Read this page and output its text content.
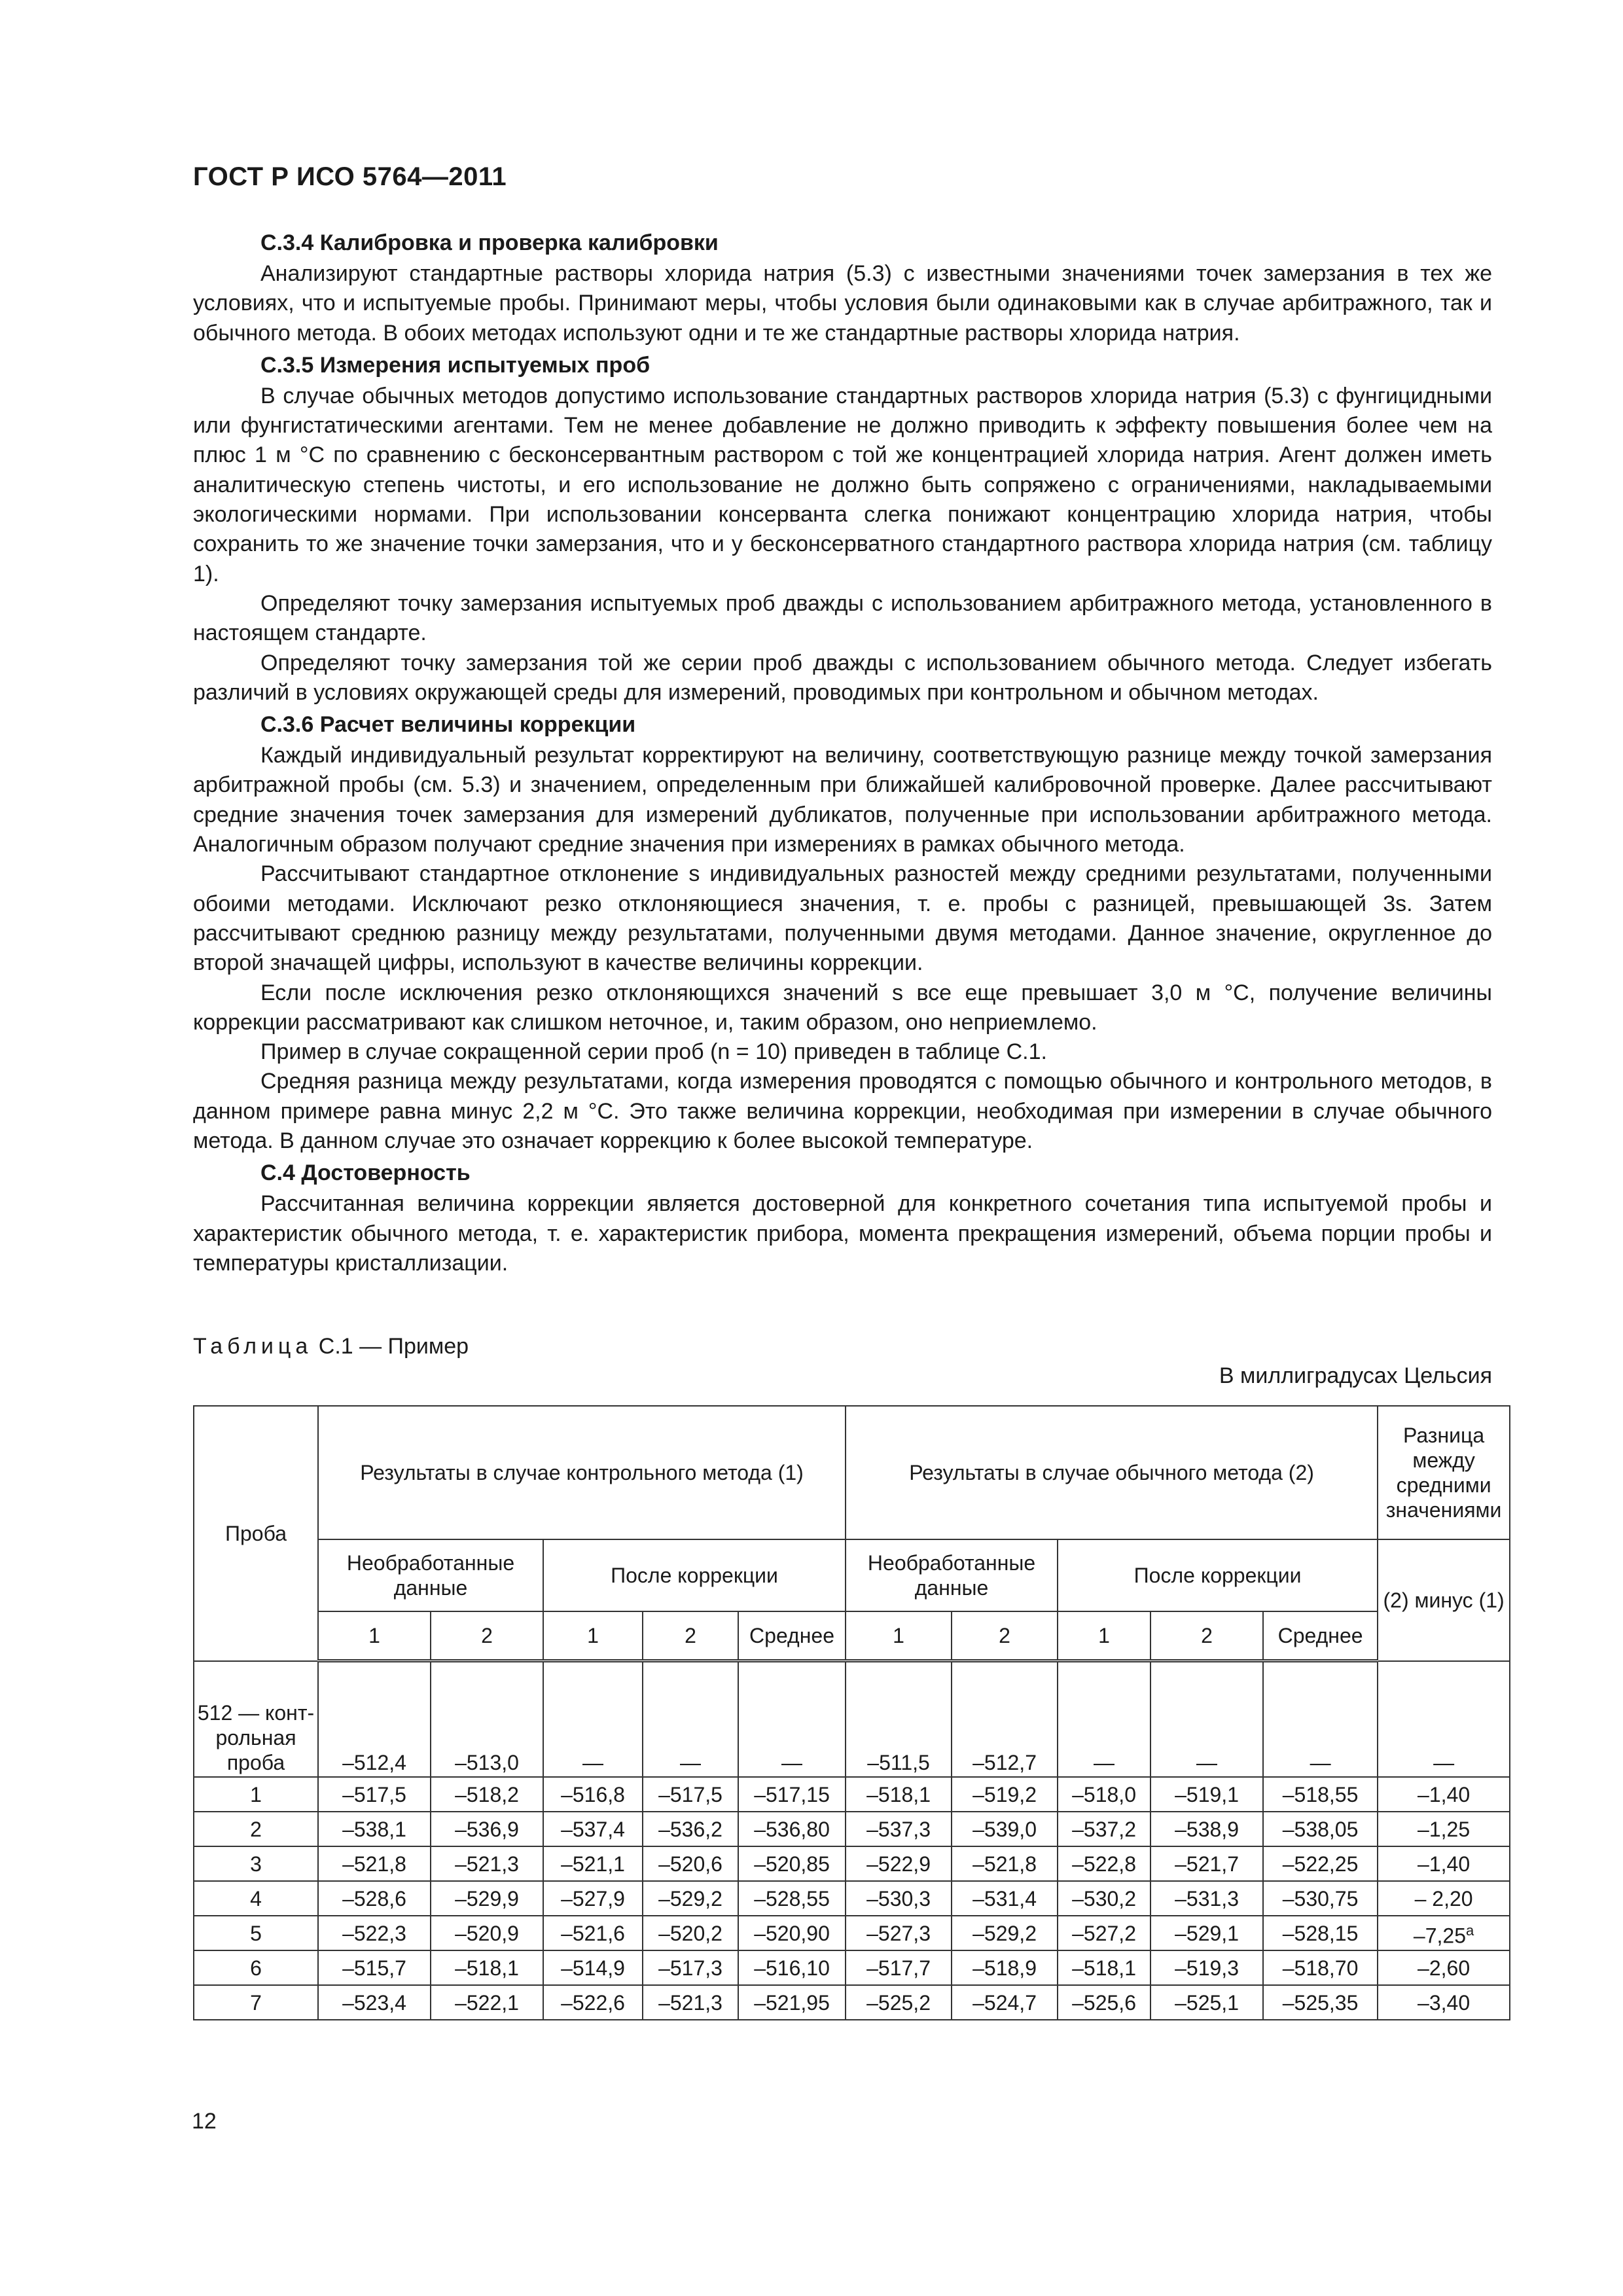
ГОСТ Р ИСО 5764—2011
С.3.4 Калибровка и проверка калибровки

Анализируют стандартные растворы хлорида натрия (5.3) с известными значениями точек замерзания в тех же условиях, что и испытуемые пробы. Принимают меры, чтобы условия были одинаковыми как в случае арбитражного, так и обычного метода. В обоих методах используют одни и те же стандартные растворы хлорида натрия.

С.3.5 Измерения испытуемых проб

В случае обычных методов допустимо использование стандартных растворов хлорида натрия (5.3) с фунгицидными или фунгистатическими агентами. Тем не менее добавление не должно приводить к эффекту повышения более чем на плюс 1 м °С по сравнению с бесконсервантным раствором с той же концентрацией хлорида натрия. Агент должен иметь аналитическую степень чистоты, и его использование не должно быть сопряжено с ограничениями, накладываемыми экологическими нормами. При использовании консерванта слегка понижают концентрацию хлорида натрия, чтобы сохранить то же значение точки замерзания, что и у бесконсерватного стандартного раствора хлорида натрия (см. таблицу 1).

Определяют точку замерзания испытуемых проб дважды с использованием арбитражного метода, установленного в настоящем стандарте.

Определяют точку замерзания той же серии проб дважды с использованием обычного метода. Следует избегать различий в условиях окружающей среды для измерений, проводимых при контрольном и обычном методах.

С.3.6 Расчет величины коррекции

Каждый индивидуальный результат корректируют на величину, соответствующую разнице между точкой замерзания арбитражной пробы (см. 5.3) и значением, определенным при ближайшей калибровочной проверке. Далее рассчитывают средние значения точек замерзания для измерений дубликатов, полученные при использовании арбитражного метода. Аналогичным образом получают средние значения при измерениях в рамках обычного метода.

Рассчитывают стандартное отклонение s индивидуальных разностей между средними результатами, полученными обоими методами. Исключают резко отклоняющиеся значения, т. е. пробы с разницей, превышающей 3s. Затем рассчитывают среднюю разницу между результатами, полученными двумя методами. Данное значение, округленное до второй значащей цифры, используют в качестве величины коррекции.

Если после исключения резко отклоняющихся значений s все еще превышает 3,0 м °С, получение величины коррекции рассматривают как слишком неточное, и, таким образом, оно неприемлемо.

Пример в случае сокращенной серии проб (n = 10) приведен в таблице С.1.

Средняя разница между результатами, когда измерения проводятся с помощью обычного и контрольного методов, в данном примере равна минус 2,2 м °С. Это также величина коррекции, необходимая при измерении в случае обычного метода. В данном случае это означает коррекцию к более высокой температуре.

С.4 Достоверность

Рассчитанная величина коррекции является достоверной для конкретного сочетания типа испытуемой пробы и характеристик обычного метода, т. е. характеристик прибора, момента прекращения измерений, объема порции пробы и температуры кристаллизации.

Таблица С.1 — Пример
В миллиградусах Цельсия
Проба	Результаты в случае контрольного метода (1)					Результаты в случае обычного метода (2)					Разница между средними значениями
	Необработанные данные		После коррекции			Необработанные данные		После коррекции			(2) минус (1)
	1	2	1	2	Среднее	1	2	1	2	Среднее	
512 — конт-рольная проба	–512,4	–513,0	—	—	—	–511,5	–512,7	—	—	—	—
1	–517,5	–518,2	–516,8	–517,5	–517,15	–518,1	–519,2	–518,0	–519,1	–518,55	–1,40
2	–538,1	–536,9	–537,4	–536,2	–536,80	–537,3	–539,0	–537,2	–538,9	–538,05	–1,25
3	–521,8	–521,3	–521,1	–520,6	–520,85	–522,9	–521,8	–522,8	–521,7	–522,25	–1,40
4	–528,6	–529,9	–527,9	–529,2	–528,55	–530,3	–531,4	–530,2	–531,3	–530,75	– 2,20
5	–522,3	–520,9	–521,6	–520,2	–520,90	–527,3	–529,2	–527,2	–529,1	–528,15	–7,25$^a$
6	–515,7	–518,1	–514,9	–517,3	–516,10	–517,7	–518,9	–518,1	–519,3	–518,70	–2,60
7	–523,4	–522,1	–522,6	–521,3	–521,95	–525,2	–524,7	–525,6	–525,1	–525,35	–3,40
12
